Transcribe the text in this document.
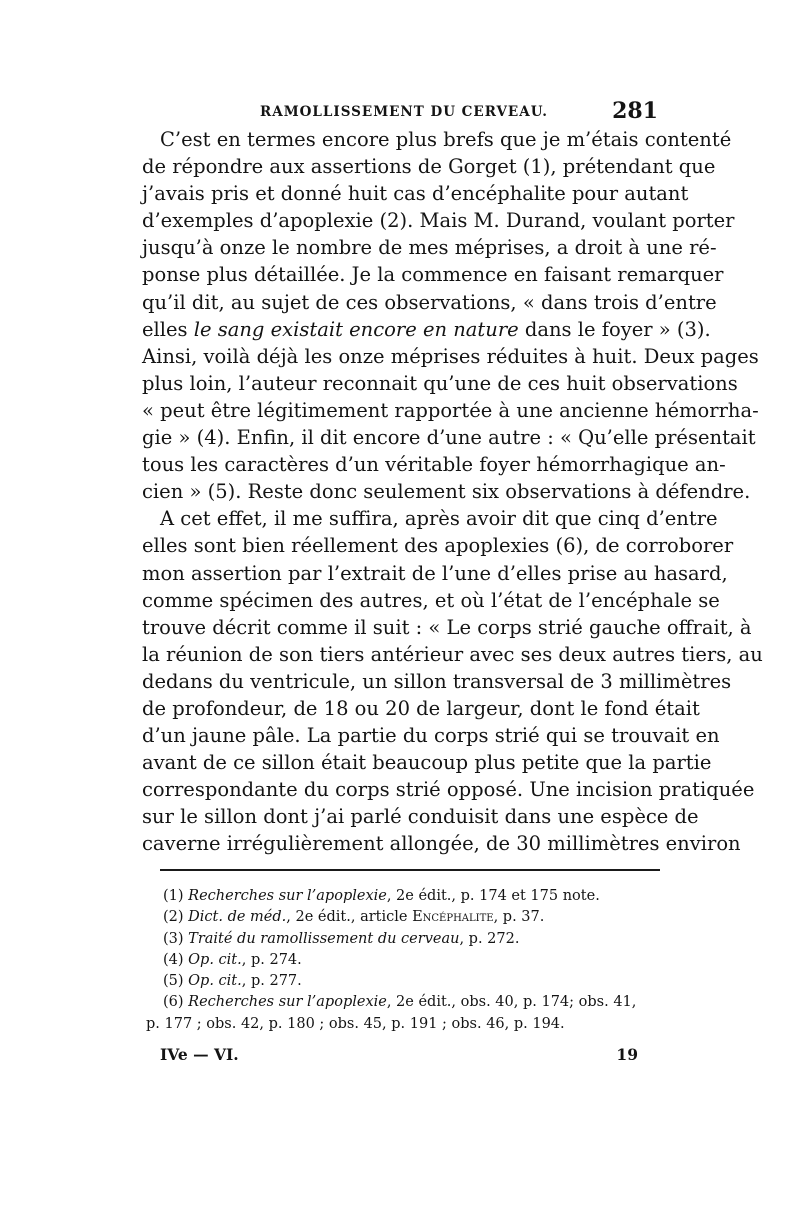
RAMOLLISSEMENT DU CERVEAU.	281
C’est en termes encore plus brefs que je m’étais contenté
de répondre aux assertions de Gorget (1), prétendant que
j’avais pris et donné huit cas d’encéphalite pour autant
d’exemples d’apoplexie (2). Mais M. Durand, voulant porter
jusqu’à onze le nombre de mes méprises, a droit à une ré-
ponse plus détaillée. Je la commence en faisant remarquer
qu’il dit, au sujet de ces observations, « dans trois d’entre
elles le sang existait encore en nature dans le foyer » (3).
Ainsi, voilà déjà les onze méprises réduites à huit. Deux pages
plus loin, l’auteur reconnait qu’une de ces huit observations
« peut être légitimement rapportée à une ancienne hémorrha-
gie » (4). Enfin, il dit encore d’une autre : « Qu’elle présentait
tous les caractères d’un véritable foyer hémorrhagique an-
cien » (5). Reste donc seulement six observations à défendre.
A cet effet, il me suffira, après avoir dit que cinq d’entre
elles sont bien réellement des apoplexies (6), de corroborer
mon assertion par l’extrait de l’une d’elles prise au hasard,
comme spécimen des autres, et où l’état de l’encéphale se
trouve décrit comme il suit : « Le corps strié gauche offrait, à
la réunion de son tiers antérieur avec ses deux autres tiers, au
dedans du ventricule, un sillon transversal de 3 millimètres
de profondeur, de 18 ou 20 de largeur, dont le fond était
d’un jaune pâle. La partie du corps strié qui se trouvait en
avant de ce sillon était beaucoup plus petite que la partie
correspondante du corps strié opposé. Une incision pratiquée
sur le sillon dont j’ai parlé conduisit dans une espèce de
caverne irrégulièrement allongée, de 30 millimètres environ
(1) Recherches sur l’apoplexie, 2e édit., p. 174 et 175 note.
(2) Dict. de méd., 2e édit., article Encéphalite, p. 37.
(3) Traité du ramollissement du cerveau, p. 272.
(4) Op. cit., p. 274.
(5) Op. cit., p. 277.
(6) Recherches sur l’apoplexie, 2e édit., obs. 40, p. 174; obs. 41,
p. 177 ; obs. 42, p. 180 ; obs. 45, p. 191 ; obs. 46, p. 194.
IVe — VI.	19
